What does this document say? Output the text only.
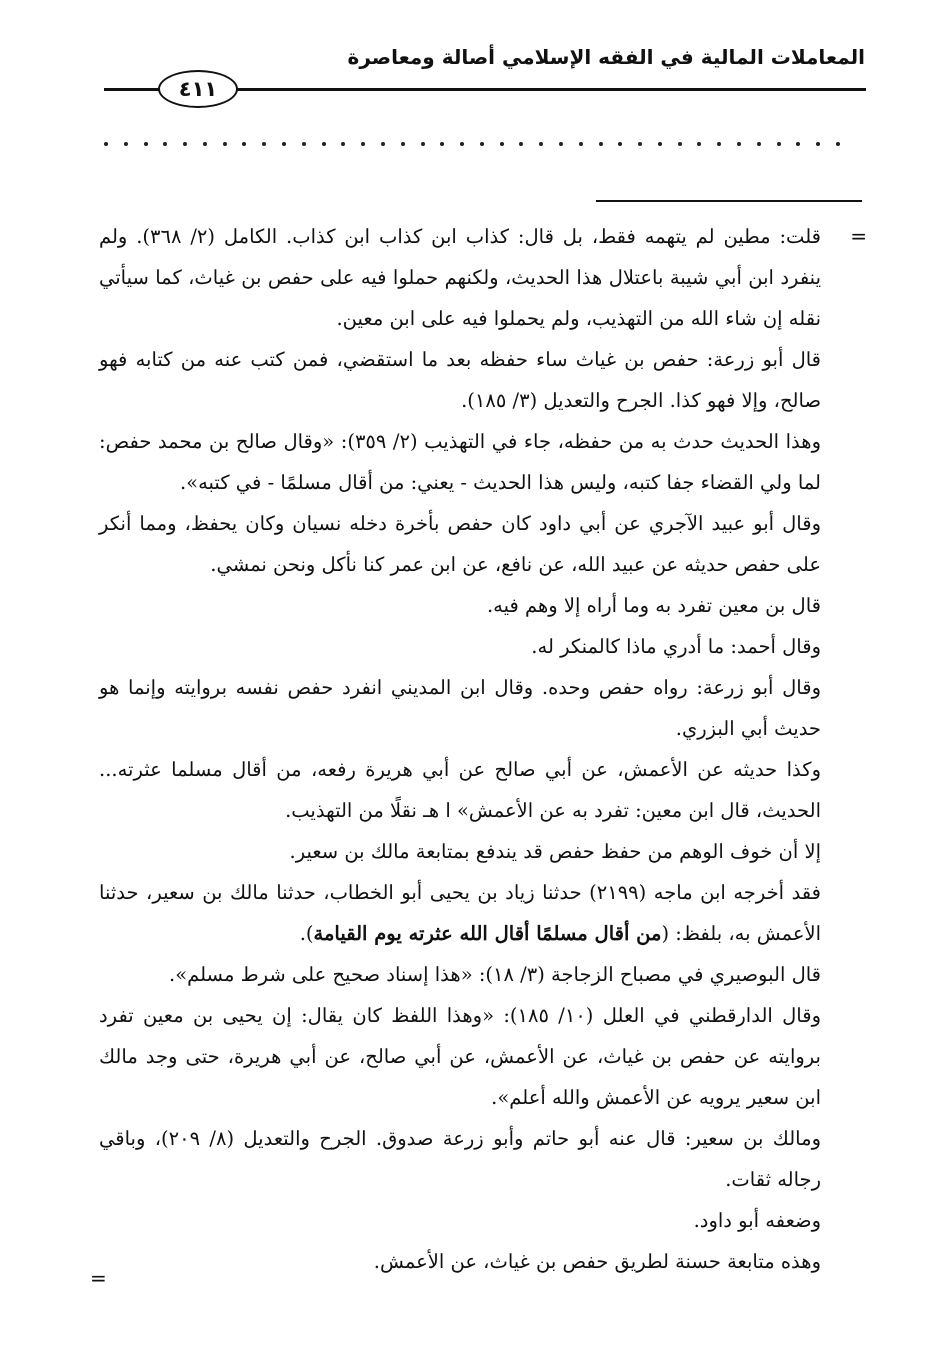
المعاملات المالية في الفقه الإسلامي أصالة ومعاصرة
٤١١
=
=

قلت: مطين لم يتهمه فقط، بل قال: كذاب ابن كذاب ابن كذاب. الكامل (٢/ ٣٦٨). ولم ينفرد ابن أبي شيبة باعتلال هذا الحديث، ولكنهم حملوا فيه على حفص بن غياث، كما سيأتي نقله إن شاء الله من التهذيب، ولم يحملوا فيه على ابن معين.

قال أبو زرعة: حفص بن غياث ساء حفظه بعد ما استقضي، فمن كتب عنه من كتابه فهو صالح، وإلا فهو كذا. الجرح والتعديل (٣/ ١٨٥).

وهذا الحديث حدث به من حفظه، جاء في التهذيب (٢/ ٣٥٩): «وقال صالح بن محمد حفص: لما ولي القضاء جفا كتبه، وليس هذا الحديث - يعني: من أقال مسلمًا - في كتبه».

وقال أبو عبيد الآجري عن أبي داود كان حفص بأخرة دخله نسيان وكان يحفظ، ومما أنكر على حفص حديثه عن عبيد الله، عن نافع، عن ابن عمر كنا نأكل ونحن نمشي.

قال بن معين تفرد به وما أراه إلا وهم فيه.

وقال أحمد: ما أدري ماذا كالمنكر له.

وقال أبو زرعة: رواه حفص وحده. وقال ابن المديني انفرد حفص نفسه بروايته وإنما هو حديث أبي البزري.

وكذا حديثه عن الأعمش، عن أبي صالح عن أبي هريرة رفعه، من أقال مسلما عثرته... الحديث، قال ابن معين: تفرد به عن الأعمش» ا هـ نقلًا من التهذيب.

إلا أن خوف الوهم من حفظ حفص قد يندفع بمتابعة مالك بن سعير.

فقد أخرجه ابن ماجه (٢١٩٩) حدثنا زياد بن يحيى أبو الخطاب، حدثنا مالك بن سعير، حدثنا الأعمش به، بلفظ: (من أقال مسلمًا أقال الله عثرته يوم القيامة).

قال البوصيري في مصباح الزجاجة (٣/ ١٨): «هذا إسناد صحيح على شرط مسلم».

وقال الدارقطني في العلل (١٠/ ١٨٥): «وهذا اللفظ كان يقال: إن يحيى بن معين تفرد بروايته عن حفص بن غياث، عن الأعمش، عن أبي صالح، عن أبي هريرة، حتى وجد مالك ابن سعير يرويه عن الأعمش والله أعلم».

ومالك بن سعير: قال عنه أبو حاتم وأبو زرعة صدوق. الجرح والتعديل (٨/ ٢٠٩)، وباقي رجاله ثقات.

وضعفه أبو داود.

وهذه متابعة حسنة لطريق حفص بن غياث، عن الأعمش.
